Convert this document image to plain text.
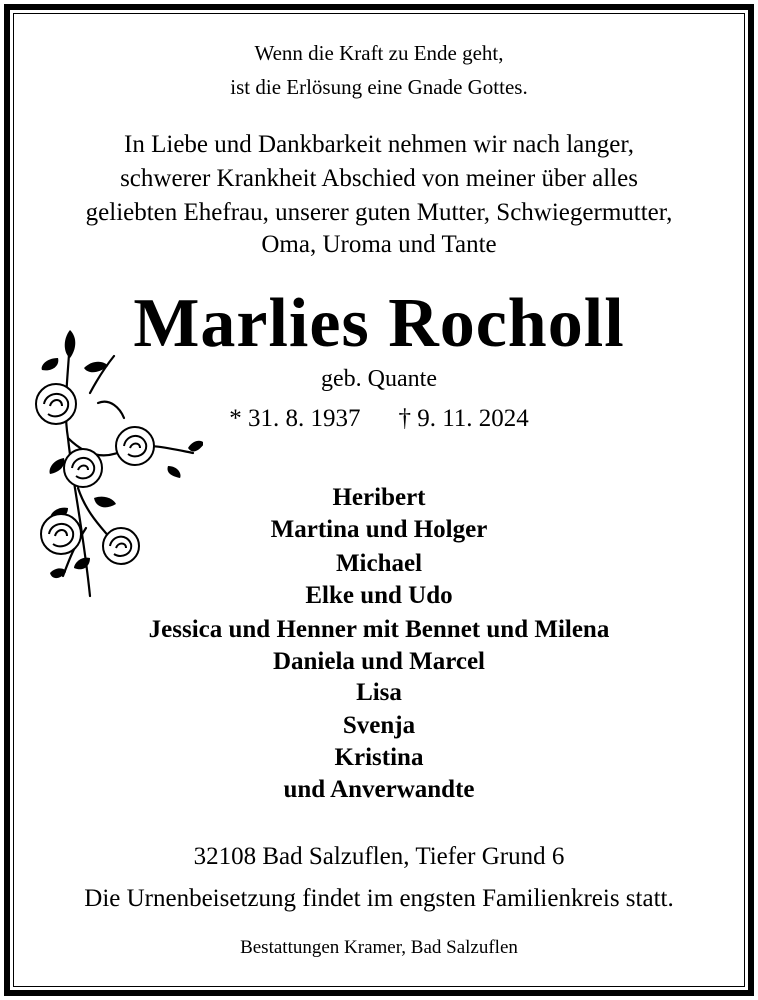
Wenn die Kraft zu Ende geht,
ist die Erlösung eine Gnade Gottes.
In Liebe und Dankbarkeit nehmen wir nach langer,
schwerer Krankheit Abschied von meiner über alles
geliebten Ehefrau, unserer guten Mutter, Schwiegermutter,
Oma, Uroma und Tante
Marlies Rocholl
geb. Quante
* 31. 8. 1937 † 9. 11. 2024
Heribert
Martina und Holger
Michael
Elke und Udo
Jessica und Henner mit Bennet und Milena
Daniela und Marcel
Lisa
Svenja
Kristina
und Anverwandte
32108 Bad Salzuflen, Tiefer Grund 6
Die Urnenbeisetzung findet im engsten Familienkreis statt.
Bestattungen Kramer, Bad Salzuflen
